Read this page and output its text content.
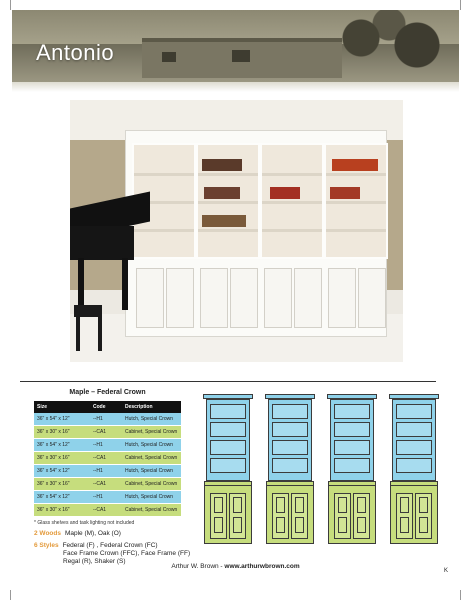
Antonio
Maple – Federal Crown
Size	Code	Description
36" x 54" x 12"	--H1	Hutch, Special Crown
36" x 30" x 16"	--CA1	Cabinet, Special Crown
36" x 54" x 12"	--H1	Hutch, Special Crown
36" x 30" x 16"	--CA1	Cabinet, Special Crown
36" x 54" x 12"	--H1	Hutch, Special Crown
36" x 30" x 16"	--CA1	Cabinet, Special Crown
36" x 54" x 12"	--H1	Hutch, Special Crown
36" x 30" x 16"	--CA1	Cabinet, Special Crown
* Glass shelves and task lighting not included
2 Woods Maple (M), Oak (O)
6 Styles Federal (F) , Federal Crown (FC)
Face Frame Crown (FFC), Face Frame (FF)
Regal (R), Shaker (S)
Arthur W. Brown - www.arthurwbrown.com
K
